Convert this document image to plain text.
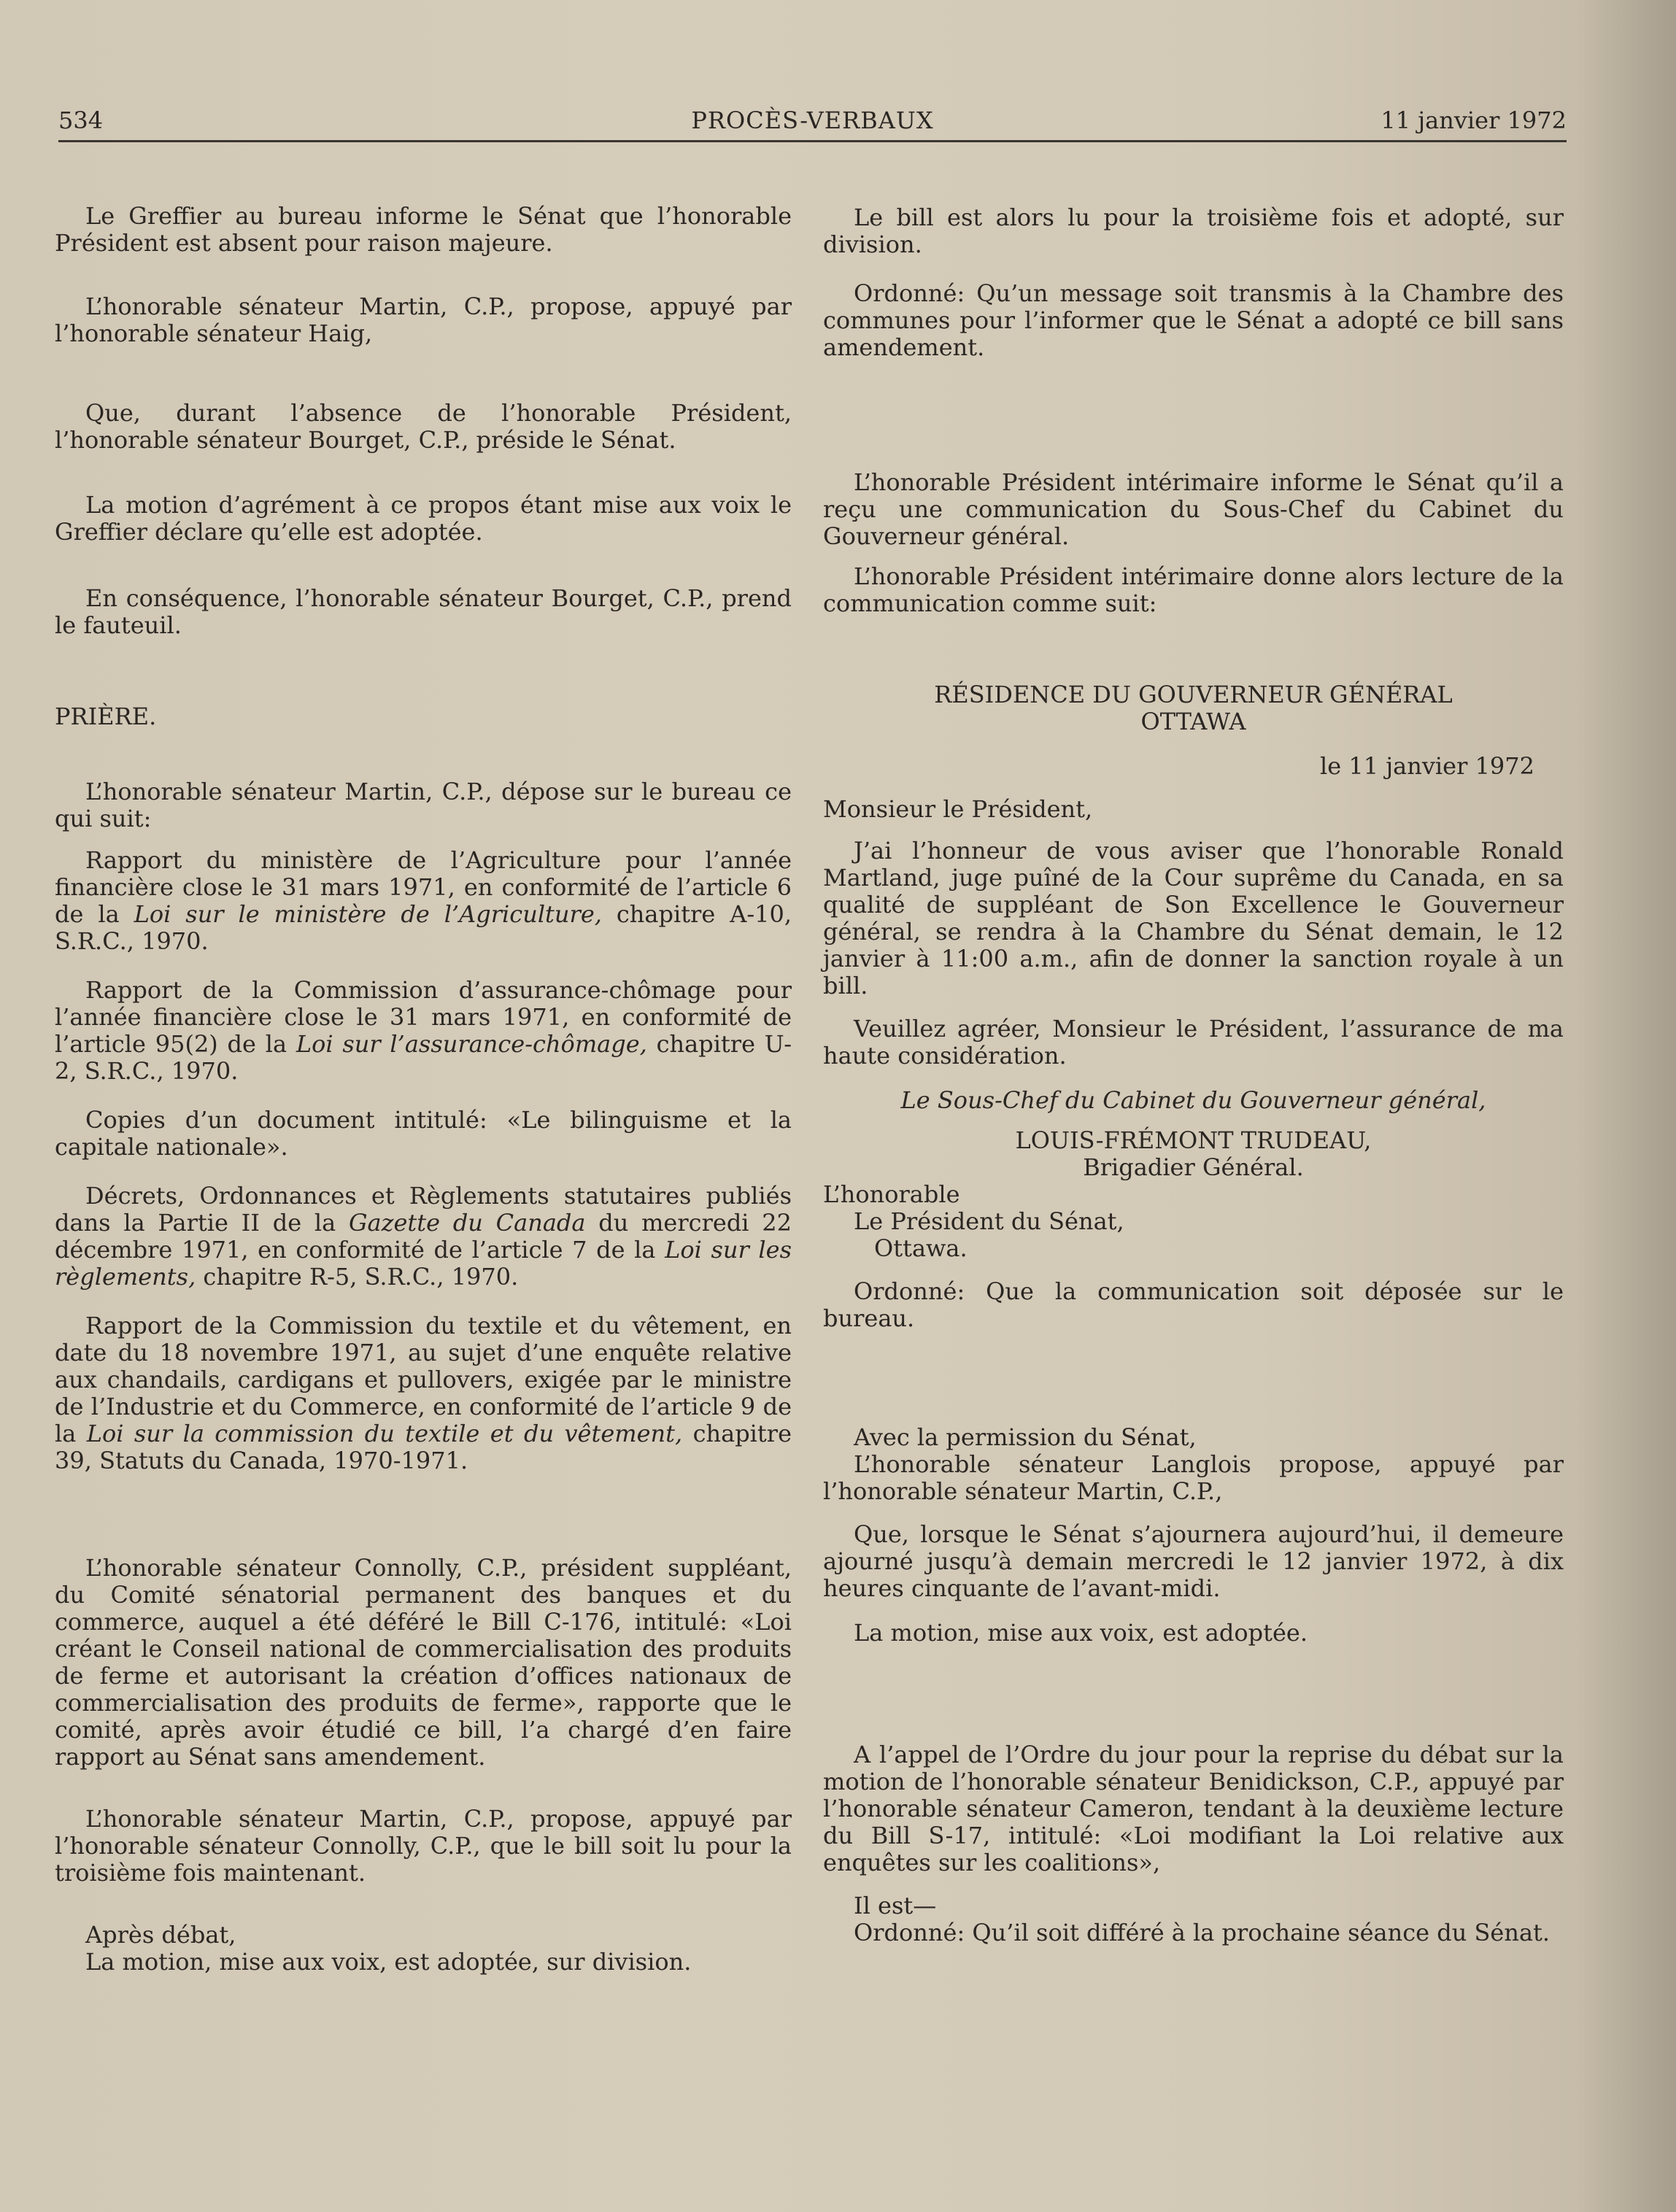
534	PROCÈS-VERBAUX	11 janvier 1972

Le Greffier au bureau informe le Sénat que l’honorable Président est absent pour raison majeure.

L’honorable sénateur Martin, C.P., propose, appuyé par l’honorable sénateur Haig,

Que, durant l’absence de l’honorable Président, l’honorable sénateur Bourget, C.P., préside le Sénat.

La motion d’agrément à ce propos étant mise aux voix le Greffier déclare qu’elle est adoptée.

En conséquence, l’honorable sénateur Bourget, C.P., prend le fauteuil.

PRIÈRE.

L’honorable sénateur Martin, C.P., dépose sur le bureau ce qui suit:

Rapport du ministère de l’Agriculture pour l’année financière close le 31 mars 1971, en conformité de l’article 6 de la Loi sur le ministère de l’Agriculture, chapitre A-10, S.R.C., 1970.

Rapport de la Commission d’assurance-chômage pour l’année financière close le 31 mars 1971, en conformité de l’article 95(2) de la Loi sur l’assurance-chômage, chapitre U-2, S.R.C., 1970.

Copies d’un document intitulé: «Le bilinguisme et la capitale nationale».

Décrets, Ordonnances et Règlements statutaires publiés dans la Partie II de la Gazette du Canada du mercredi 22 décembre 1971, en conformité de l’article 7 de la Loi sur les règlements, chapitre R-5, S.R.C., 1970.

Rapport de la Commission du textile et du vêtement, en date du 18 novembre 1971, au sujet d’une enquête relative aux chandails, cardigans et pullovers, exigée par le ministre de l’Industrie et du Commerce, en conformité de l’article 9 de la Loi sur la commission du textile et du vêtement, chapitre 39, Statuts du Canada, 1970-1971.

L’honorable sénateur Connolly, C.P., président suppléant, du Comité sénatorial permanent des banques et du commerce, auquel a été déféré le Bill C-176, intitulé: «Loi créant le Conseil national de commercialisation des produits de ferme et autorisant la création d’offices nationaux de commercialisation des produits de ferme», rapporte que le comité, après avoir étudié ce bill, l’a chargé d’en faire rapport au Sénat sans amendement.

L’honorable sénateur Martin, C.P., propose, appuyé par l’honorable sénateur Connolly, C.P., que le bill soit lu pour la troisième fois maintenant.

Après débat,

La motion, mise aux voix, est adoptée, sur division.

Le bill est alors lu pour la troisième fois et adopté, sur division.

Ordonné: Qu’un message soit transmis à la Chambre des communes pour l’informer que le Sénat a adopté ce bill sans amendement.

L’honorable Président intérimaire informe le Sénat qu’il a reçu une communication du Sous-Chef du Cabinet du Gouverneur général.

L’honorable Président intérimaire donne alors lecture de la communication comme suit:

RÉSIDENCE DU GOUVERNEUR GÉNÉRAL

OTTAWA

le 11 janvier 1972

Monsieur le Président,

J’ai l’honneur de vous aviser que l’honorable Ronald Martland, juge puîné de la Cour suprême du Canada, en sa qualité de suppléant de Son Excellence le Gouverneur général, se rendra à la Chambre du Sénat demain, le 12 janvier à 11:00 a.m., afin de donner la sanction royale à un bill.

Veuillez agréer, Monsieur le Président, l’assurance de ma haute considération.

Le Sous-Chef du Cabinet du Gouverneur général,

LOUIS-FRÉMONT TRUDEAU,

Brigadier Général.

L’honorable

Le Président du Sénat,

Ottawa.

Ordonné: Que la communication soit déposée sur le bureau.

Avec la permission du Sénat,

L’honorable sénateur Langlois propose, appuyé par l’honorable sénateur Martin, C.P.,

Que, lorsque le Sénat s’ajournera aujourd’hui, il demeure ajourné jusqu’à demain mercredi le 12 janvier 1972, à dix heures cinquante de l’avant-midi.

La motion, mise aux voix, est adoptée.

A l’appel de l’Ordre du jour pour la reprise du débat sur la motion de l’honorable sénateur Benidickson, C.P., appuyé par l’honorable sénateur Cameron, tendant à la deuxième lecture du Bill S-17, intitulé: «Loi modifiant la Loi relative aux enquêtes sur les coalitions»,

Il est—

Ordonné: Qu’il soit différé à la prochaine séance du Sénat.
